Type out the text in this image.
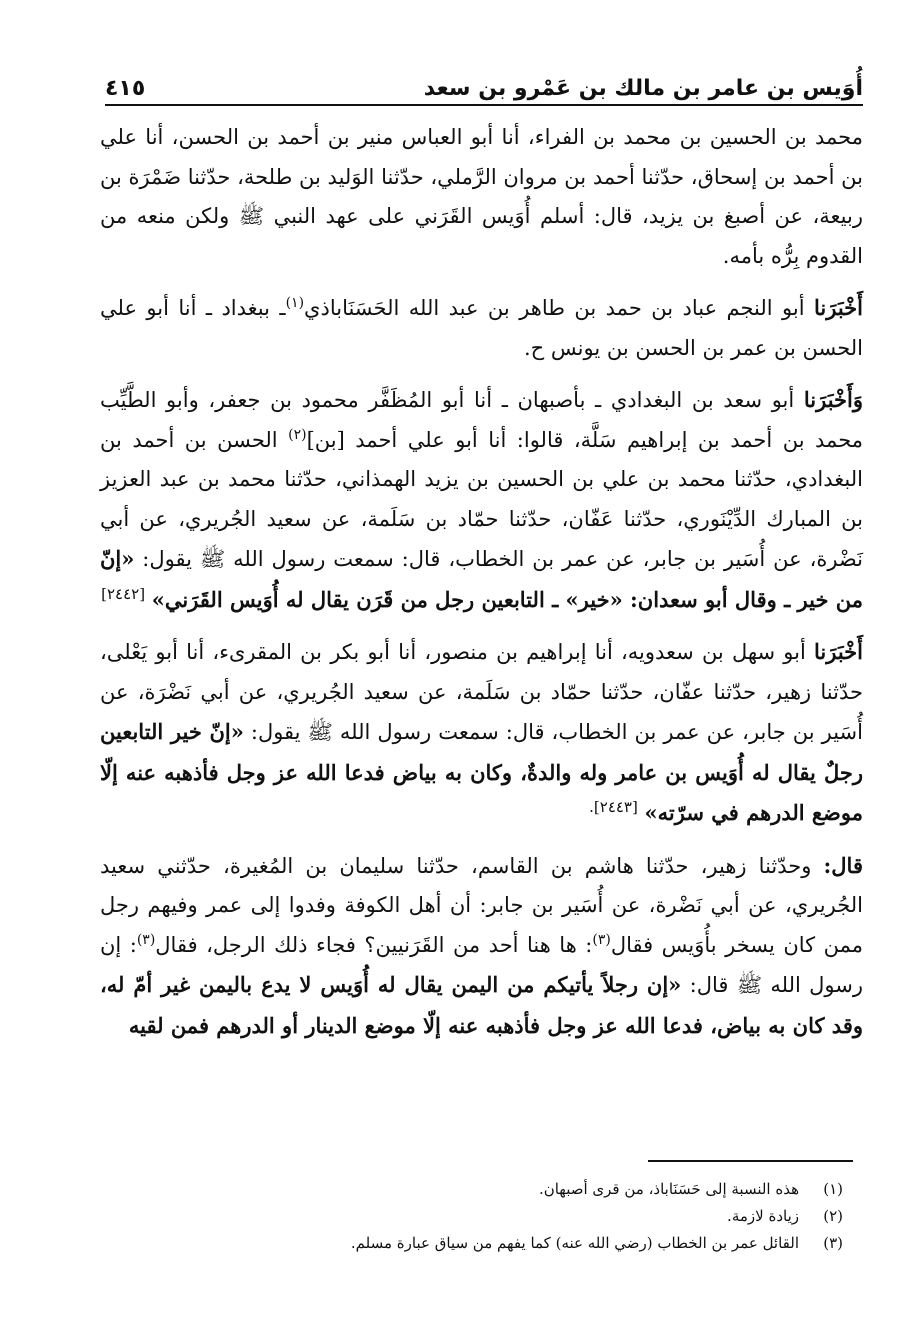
أُوَيس بن عامر بن مالك بن عَمْرو بن سعد
٤١٥

محمد بن الحسين بن محمد بن الفراء، أنا أبو العباس منير بن أحمد بن الحسن، أنا علي بن أحمد بن إسحاق، حدّثنا أحمد بن مروان الرَّملي، حدّثنا الوَليد بن طلحة، حدّثنا ضَمْرَة بن ربيعة، عن أصبغ بن يزيد، قال: أسلم أُوَيس القَرَني على عهد النبي ﷺ ولكن منعه من القدوم بِرُّه بأمه.

أَخْبَرَنا أبو النجم عباد بن حمد بن طاهر بن عبد الله الحَسَنَاباذي$^{(١)}$ـ ببغداد ـ أنا أبو علي الحسن بن عمر بن الحسن بن يونس ح.

وَأَخْبَرَنا أبو سعد بن البغدادي ـ بأصبهان ـ أنا أبو المُظَفَّر محمود بن جعفر، وأبو الطَّيِّب محمد بن أحمد بن إبراهيم سَلَّة، قالوا: أنا أبو علي أحمد [بن]$^{(٢)}$ الحسن بن أحمد بن البغدادي، حدّثنا محمد بن علي بن الحسين بن يزيد الهمذاني، حدّثنا محمد بن عبد العزيز بن المبارك الدِّيْنَوري، حدّثنا عَفّان، حدّثنا حمّاد بن سَلَمة، عن سعيد الجُريري، عن أبي نَضْرة، عن أُسَير بن جابر، عن عمر بن الخطاب، قال: سمعت رسول الله ﷺ يقول: «إنّ من خير ـ وقال أبو سعدان: «خير» ـ التابعين رجل من قَرَن يقال له أُوَيس القَرَني» [٢٤٤٢]

أَخْبَرَنا أبو سهل بن سعدويه، أنا إبراهيم بن منصور، أنا أبو بكر بن المقرىء، أنا أبو يَعْلى، حدّثنا زهير، حدّثنا عفّان، حدّثنا حمّاد بن سَلَمة، عن سعيد الجُريري، عن أبي نَضْرَة، عن أُسَير بن جابر، عن عمر بن الخطاب، قال: سمعت رسول الله ﷺ يقول: «إنّ خير التابعين رجلٌ يقال له أُوَيس بن عامر وله والدةٌ، وكان به بياض فدعا الله عز وجل فأذهبه عنه إلّا موضع الدرهم في سرّته» $^{[٢٤٤٣].}$

قال: وحدّثنا زهير، حدّثنا هاشم بن القاسم، حدّثنا سليمان بن المُغيرة، حدّثني سعيد الجُريري، عن أبي نَضْرة، عن أُسَير بن جابر: أن أهل الكوفة وفدوا إلى عمر وفيهم رجل ممن كان يسخر بأُوَيس فقال$^{(٣)}$: ها هنا أحد من القَرَنيين؟ فجاء ذلك الرجل، فقال$^{(٣)}$: إن رسول الله ﷺ قال: «إن رجلاً يأتيكم من اليمن يقال له أُوَيس لا يدع باليمن غير أمّ له، وقد كان به بياض، فدعا الله عز وجل فأذهبه عنه إلّا موضع الدينار أو الدرهم فمن لقيه

(١)
هذه النسبة إلى حَسَنَاباذ، من قرى أصبهان.
(٢)
زيادة لازمة.
(٣)
القائل عمر بن الخطاب (رضي الله عنه) كما يفهم من سياق عبارة مسلم.
